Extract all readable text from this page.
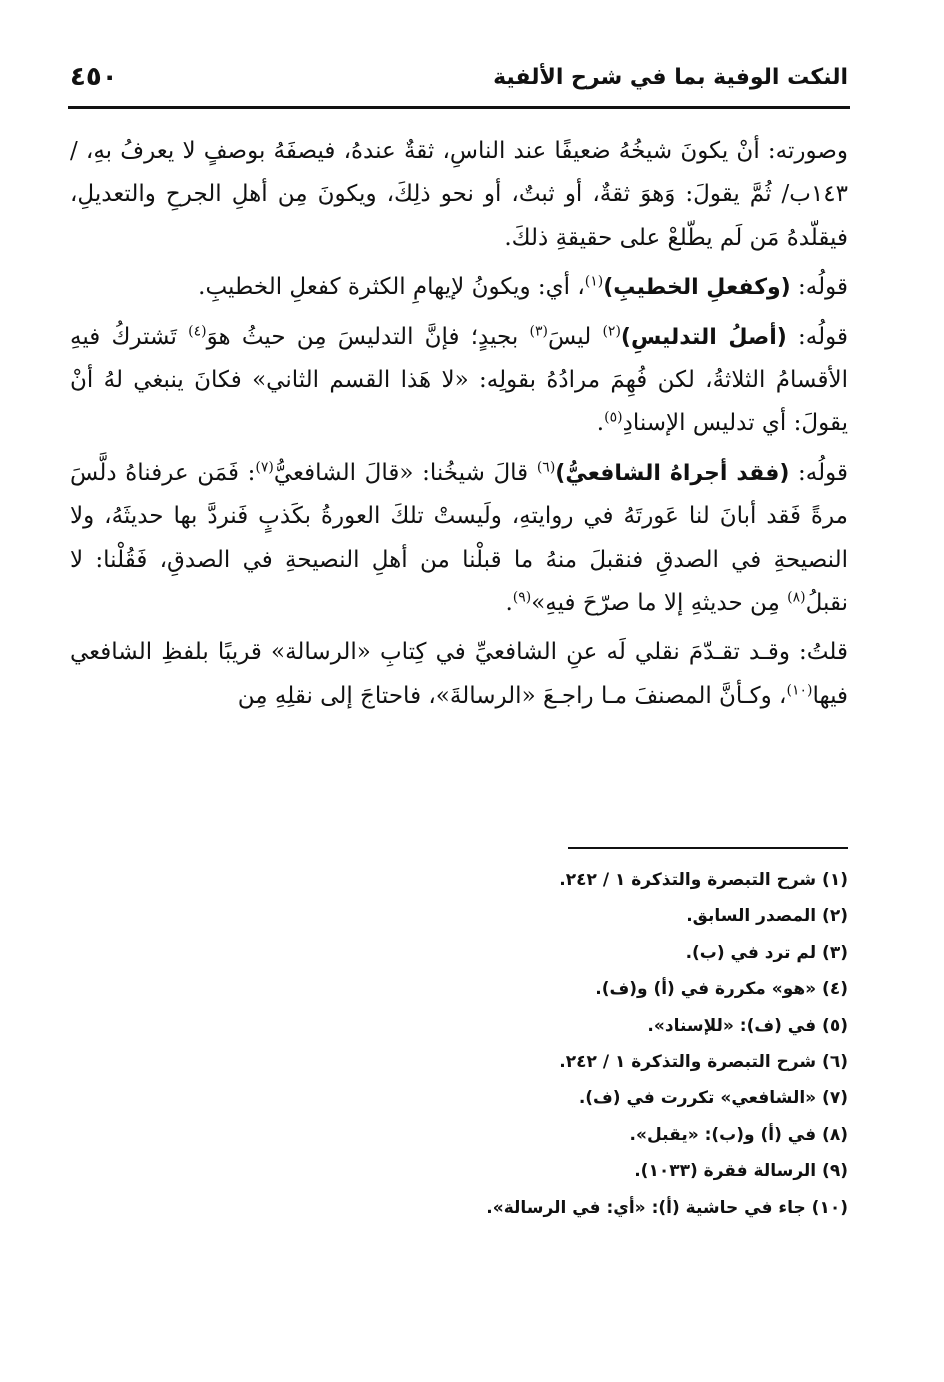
النكت الوفية بما في شرح الألفية
٤٥٠

وصورته: أنْ يكونَ شيخُهُ ضعيفًا عند الناسِ، ثقةٌ عندهُ، فيصفَهُ بوصفٍ لا يعرفُ بهِ، /١٤٣ب/ ثُمَّ يقولَ: وَهوَ ثقةٌ، أو ثبتٌ، أو نحو ذلِكَ، ويكونَ مِن أهلِ الجرحِ والتعديلِ، فيقلّدهُ مَن لَم يطّلعْ على حقيقةِ ذلكَ.

قولُه: (وكفعلِ الخطيبِ)$^{(١)}$، أي: ويكونُ لإيهامِ الكثرة كفعلِ الخطيبِ.

قولُه: (أصلُ التدليسِ)$^{(٢)}$ ليسَ$^{(٣)}$ بجيدٍ؛ فإنَّ التدليسَ مِن حيثُ هوَ$^{(٤)}$ تَشتركُ فيهِ الأقسامُ الثلاثةُ، لكن فُهِمَ مرادُهُ بقولِه: «لا هَذا القسم الثاني» فكانَ ينبغي لهُ أنْ يقولَ: أي تدليس الإسنادِ$^{(٥)}$.

قولُه: (فقد أجراهُ الشافعيُّ)$^{(٦)}$ قالَ شيخُنا: «قالَ الشافعيُّ$^{(٧)}$: فَمَن عرفناهُ دلَّسَ مرةً فَقد أبانَ لنا عَورتَهُ في روايتهِ، ولَيستْ تلكَ العورةُ بكَذبٍ فَنردَّ بها حديثَهُ، ولا النصيحةِ في الصدقِ فنقبلَ منهُ ما قبلْنا من أهلِ النصيحةِ في الصدقِ، فَقُلْنا: لا نقبلُ$^{(٨)}$ مِن حديثهِ إلا ما صرّحَ فيهِ»$^{(٩)}$.

قلتُ: وقـد تقـدّمَ نقلي لَه عنِ الشافعيِّ في كِتابِ «الرسالة» قريبًا بلفظِ الشافعي فيها$^{(١٠)}$، وكـأنَّ المصنفَ مـا راجـعَ «الرسالةَ»، فاحتاجَ إلى نقلِهِ مِن

(١) شرح التبصرة والتذكرة ١ / ٢٤٢.
(٢) المصدر السابق.
(٣) لم ترد في (ب).
(٤) «هو» مكررة في (أ) و(ف).
(٥) في (ف): «للإسناد».
(٦) شرح التبصرة والتذكرة ١ / ٢٤٢.
(٧) «الشافعي» تكررت في (ف).
(٨) في (أ) و(ب): «يقبل».
(٩) الرسالة فقرة (١٠٣٣).
(١٠) جاء في حاشية (أ): «أي: في الرسالة».
